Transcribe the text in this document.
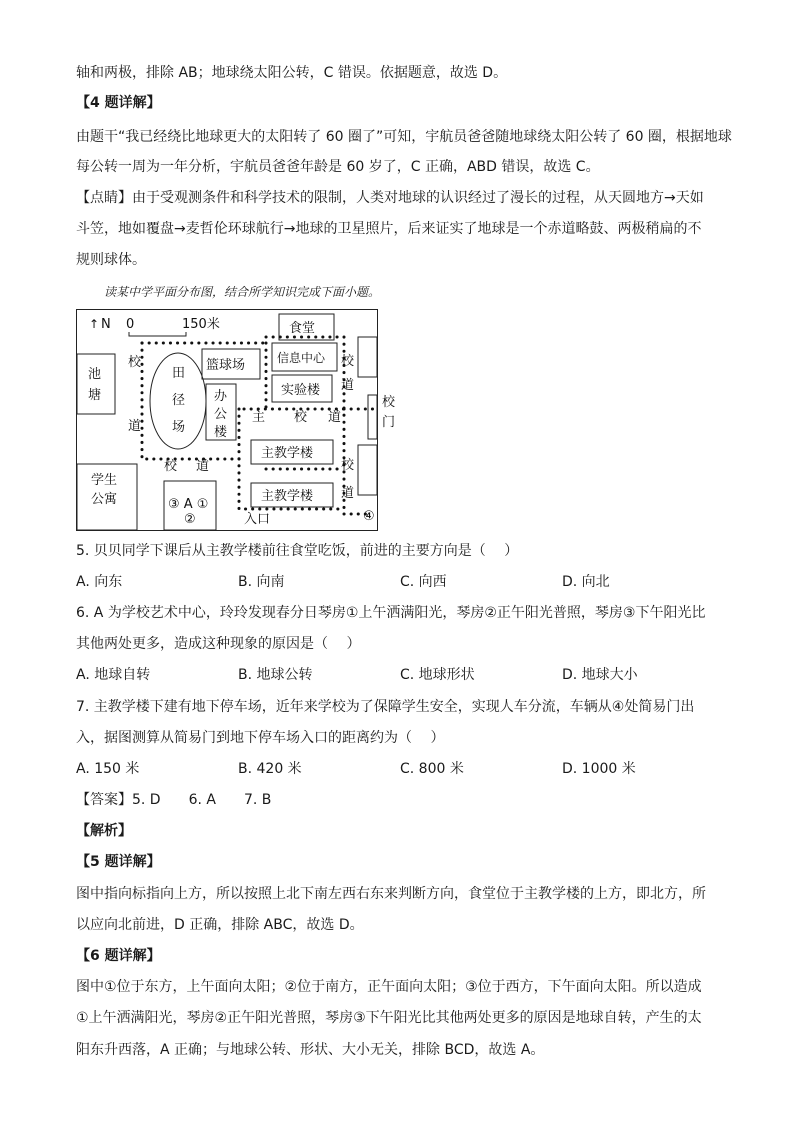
轴和两极，排除 AB；地球绕太阳公转，C 错误。依据题意，故选 D。
【4 题详解】
由题干“我已经绕比地球更大的太阳转了 60 圈了”可知，宇航员爸爸随地球绕太阳公转了 60 圈，根据地球
每公转一周为一年分析，宇航员爸爸年龄是 60 岁了，C 正确，ABD 错误，故选 C。
【点睛】由于受观测条件和科学技术的限制，人类对地球的认识经过了漫长的过程，从天圆地方→天如
斗笠，地如覆盘→麦哲伦环球航行→地球的卫星照片，后来证实了地球是一个赤道略鼓、两极稍扁的不
规则球体。
读某中学平面分布图，结合所学知识完成下面小题。
↑ N 0	150米	食堂
池
塘
田
径
场
篮球场	信息中心
实验楼
办
公
楼
主教学楼
主教学楼
学生
公寓	③ A ①
②
校
门
校
道
校 道
主 校 道
校
道
校
道
入口	④
5. 贝贝同学下课后从主教学楼前往食堂吃饭，前进的主要方向是（　 ）
A. 向东	B. 向南	C. 向西	D. 向北
6. A 为学校艺术中心，玲玲发现春分日琴房①上午洒满阳光，琴房②正午阳光普照，琴房③下午阳光比
其他两处更多，造成这种现象的原因是（　 ）
A. 地球自转	B. 地球公转	C. 地球形状	D. 地球大小
7. 主教学楼下建有地下停车场，近年来学校为了保障学生安全，实现人车分流，车辆从④处简易门出
入，据图测算从简易门到地下停车场入口的距离约为（　 ）
A. 150 米	B. 420 米	C. 800 米	D. 1000 米
【答案】5. D　　6. A　　7. B
【解析】
【5 题详解】
图中指向标指向上方，所以按照上北下南左西右东来判断方向，食堂位于主教学楼的上方，即北方，所
以应向北前进，D 正确，排除 ABC，故选 D。
【6 题详解】
图中①位于东方，上午面向太阳；②位于南方，正午面向太阳；③位于西方，下午面向太阳。所以造成
①上午洒满阳光，琴房②正午阳光普照，琴房③下午阳光比其他两处更多的原因是地球自转，产生的太
阳东升西落，A 正确；与地球公转、形状、大小无关，排除 BCD，故选 A。
